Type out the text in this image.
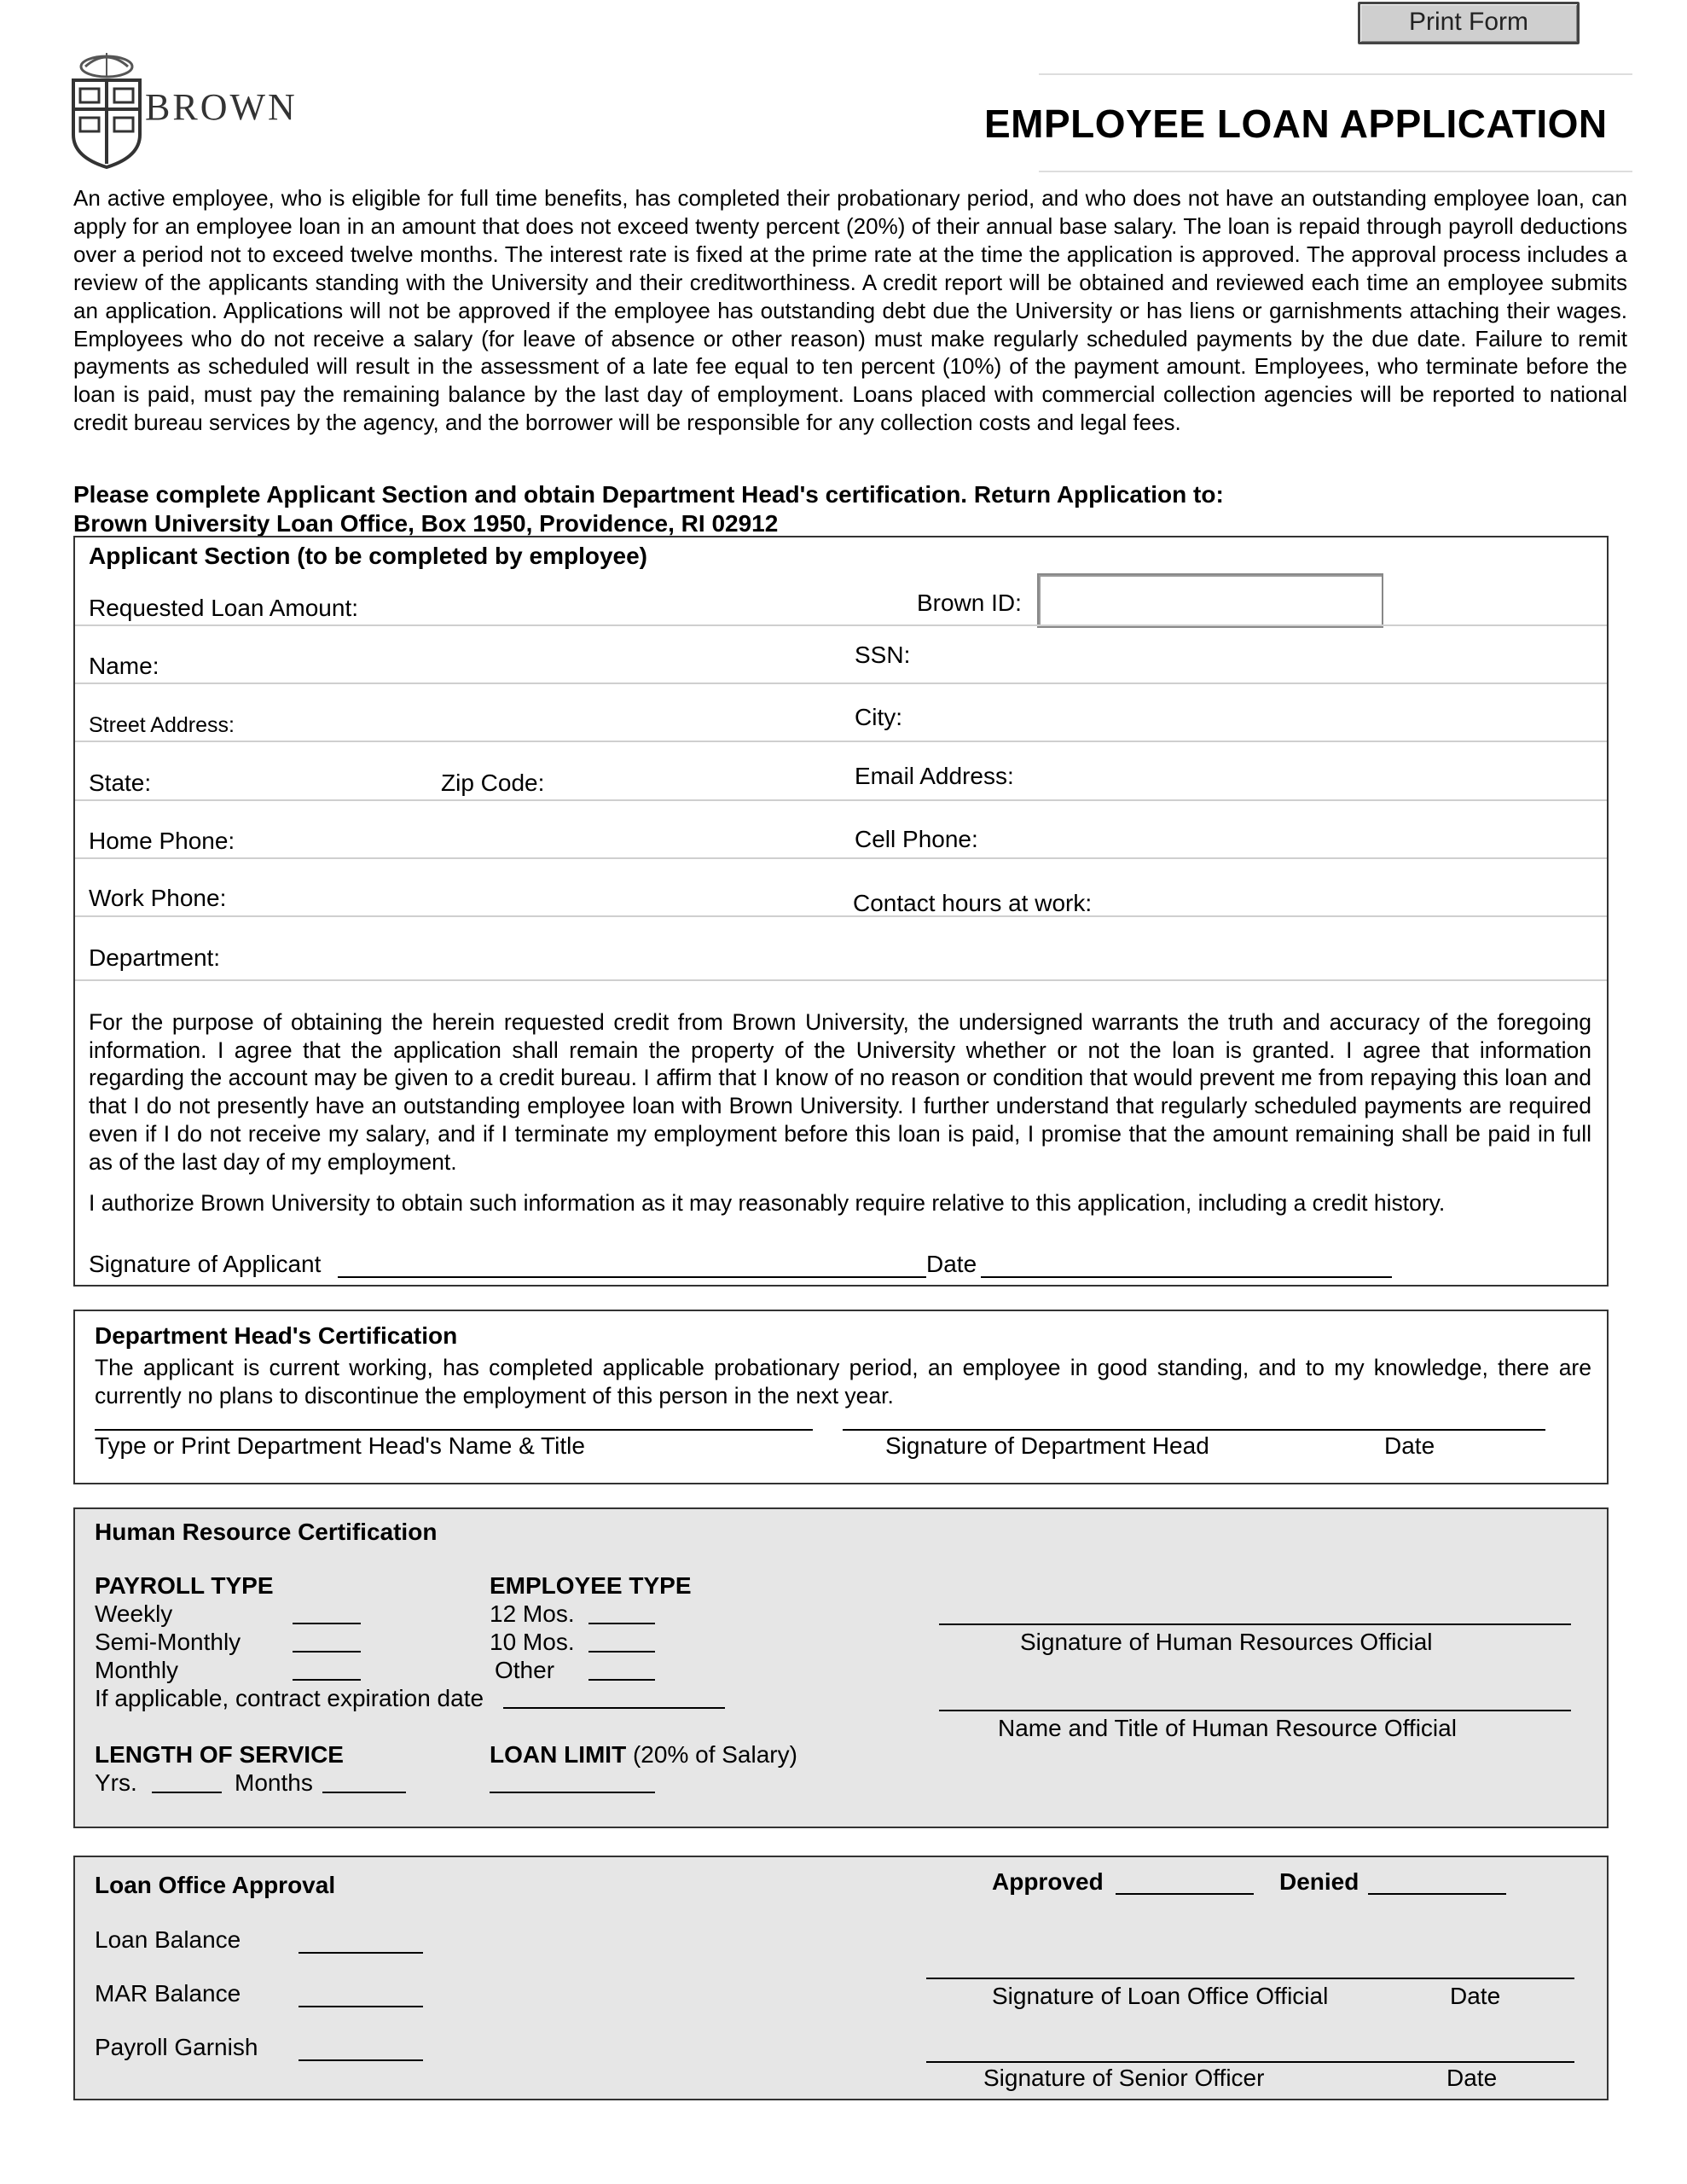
Print Form
BROWN	EMPLOYEE LOAN APPLICATION
An active employee, who is eligible for full time benefits, has completed their probationary period, and who does not have an outstanding employee loan, can apply for an employee loan in an amount that does not exceed twenty percent (20%) of their annual base salary. The loan is repaid through payroll deductions over a period not to exceed twelve months. The interest rate is fixed at the prime rate at the time the application is approved. The approval process includes a review of the applicants standing with the University and their creditworthiness. A credit report will be obtained and reviewed each time an employee submits an application. Applications will not be approved if the employee has outstanding debt due the University or has liens or garnishments attaching their wages. Employees who do not receive a salary (for leave of absence or other reason) must make regularly scheduled payments by the due date. Failure to remit payments as scheduled will result in the assessment of a late fee equal to ten percent (10%) of the payment amount. Employees, who terminate before the loan is paid, must pay the remaining balance by the last day of employment. Loans placed with commercial collection agencies will be reported to national credit bureau services by the agency, and the borrower will be responsible for any collection costs and legal fees.
Please complete Applicant Section and obtain Department Head's certification. Return Application to:
Brown University Loan Office, Box 1950, Providence, RI 02912
Applicant Section (to be completed by employee)
Requested Loan Amount:	Brown ID:
Name:	SSN:
Street Address:	City:
State:	Zip Code:	Email Address:
Home Phone:	Cell Phone:
Work Phone:	Contact hours at work:
Department:
For the purpose of obtaining the herein requested credit from Brown University, the undersigned warrants the truth and accuracy of the foregoing information. I agree that the application shall remain the property of the University whether or not the loan is granted. I agree that information regarding the account may be given to a credit bureau. I affirm that I know of no reason or condition that would prevent me from repaying this loan and that I do not presently have an outstanding employee loan with Brown University. I further understand that regularly scheduled payments are required even if I do not receive my salary, and if I terminate my employment before this loan is paid, I promise that the amount remaining shall be paid in full as of the last day of my employment.
I authorize Brown University to obtain such information as it may reasonably require relative to this application, including a credit history.
Signature of Applicant	Date
Department Head's Certification
The applicant is current working, has completed applicable probationary period, an employee in good standing, and to my knowledge, there are currently no plans to discontinue the employment of this person in the next year.
Type or Print Department Head's Name & Title	Signature of Department Head	Date
Human Resource Certification
PAYROLL TYPE
Weekly
Semi-Monthly
Monthly
If applicable, contract expiration date
EMPLOYEE TYPE
12 Mos.
10 Mos.
Other
LENGTH OF SERVICE
Yrs.	Months
LOAN LIMIT (20% of Salary)
Signature of Human Resources Official
Name and Title of Human Resource Official
Loan Office Approval	Approved	Denied
Loan Balance
MAR Balance
Payroll Garnish
Signature of Loan Office Official	Date
Signature of Senior Officer	Date
